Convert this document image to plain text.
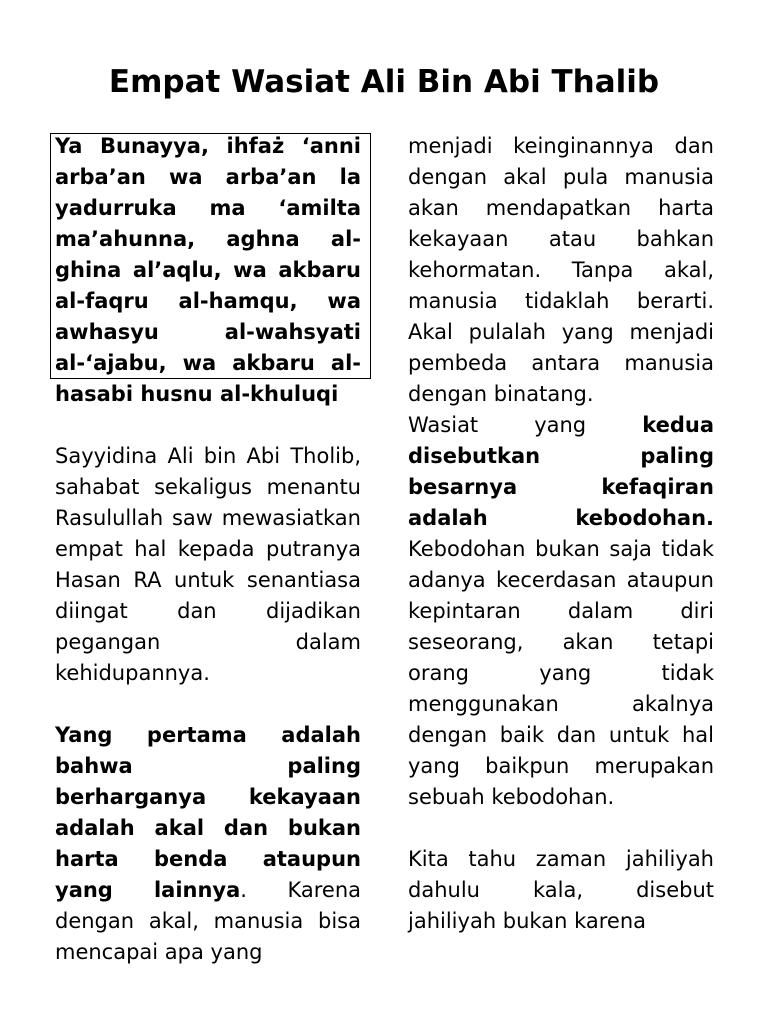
Empat Wasiat Ali Bin Abi Thalib

Ya Bunayya, ihfaż ‘anni arba’an wa arba’an la yadurruka ma ‘amilta ma’ahunna, aghna al-ghina al’aqlu, wa akbaru al-faqru al-hamqu, wa awhasyu al-wahsyati al-‘ajabu, wa akbaru al-hasabi husnu al-khuluqi

Sayyidina Ali bin Abi Tholib, sahabat sekaligus menantu Rasulullah saw mewasiatkan empat hal kepada putranya Hasan RA untuk senantiasa diingat dan dijadikan pegangan dalam kehidupannya.

Yang pertama adalah bahwa paling berharganya kekayaan adalah akal dan bukan harta benda ataupun yang lainnya. Karena dengan akal, manusia bisa mencapai apa yang

menjadi keinginannya dan dengan akal pula manusia akan mendapatkan harta kekayaan atau bahkan kehormatan. Tanpa akal, manusia tidaklah berarti. Akal pulalah yang menjadi pembeda antara manusia dengan binatang.

Wasiat yang kedua disebutkan paling besarnya kefaqiran adalah kebodohan. Kebodohan bukan saja tidak adanya kecerdasan ataupun kepintaran dalam diri seseorang, akan tetapi orang yang tidak menggunakan akalnya dengan baik dan untuk hal yang baikpun merupakan sebuah kebodohan.

Kita tahu zaman jahiliyah dahulu kala, disebut jahiliyah bukan karena
